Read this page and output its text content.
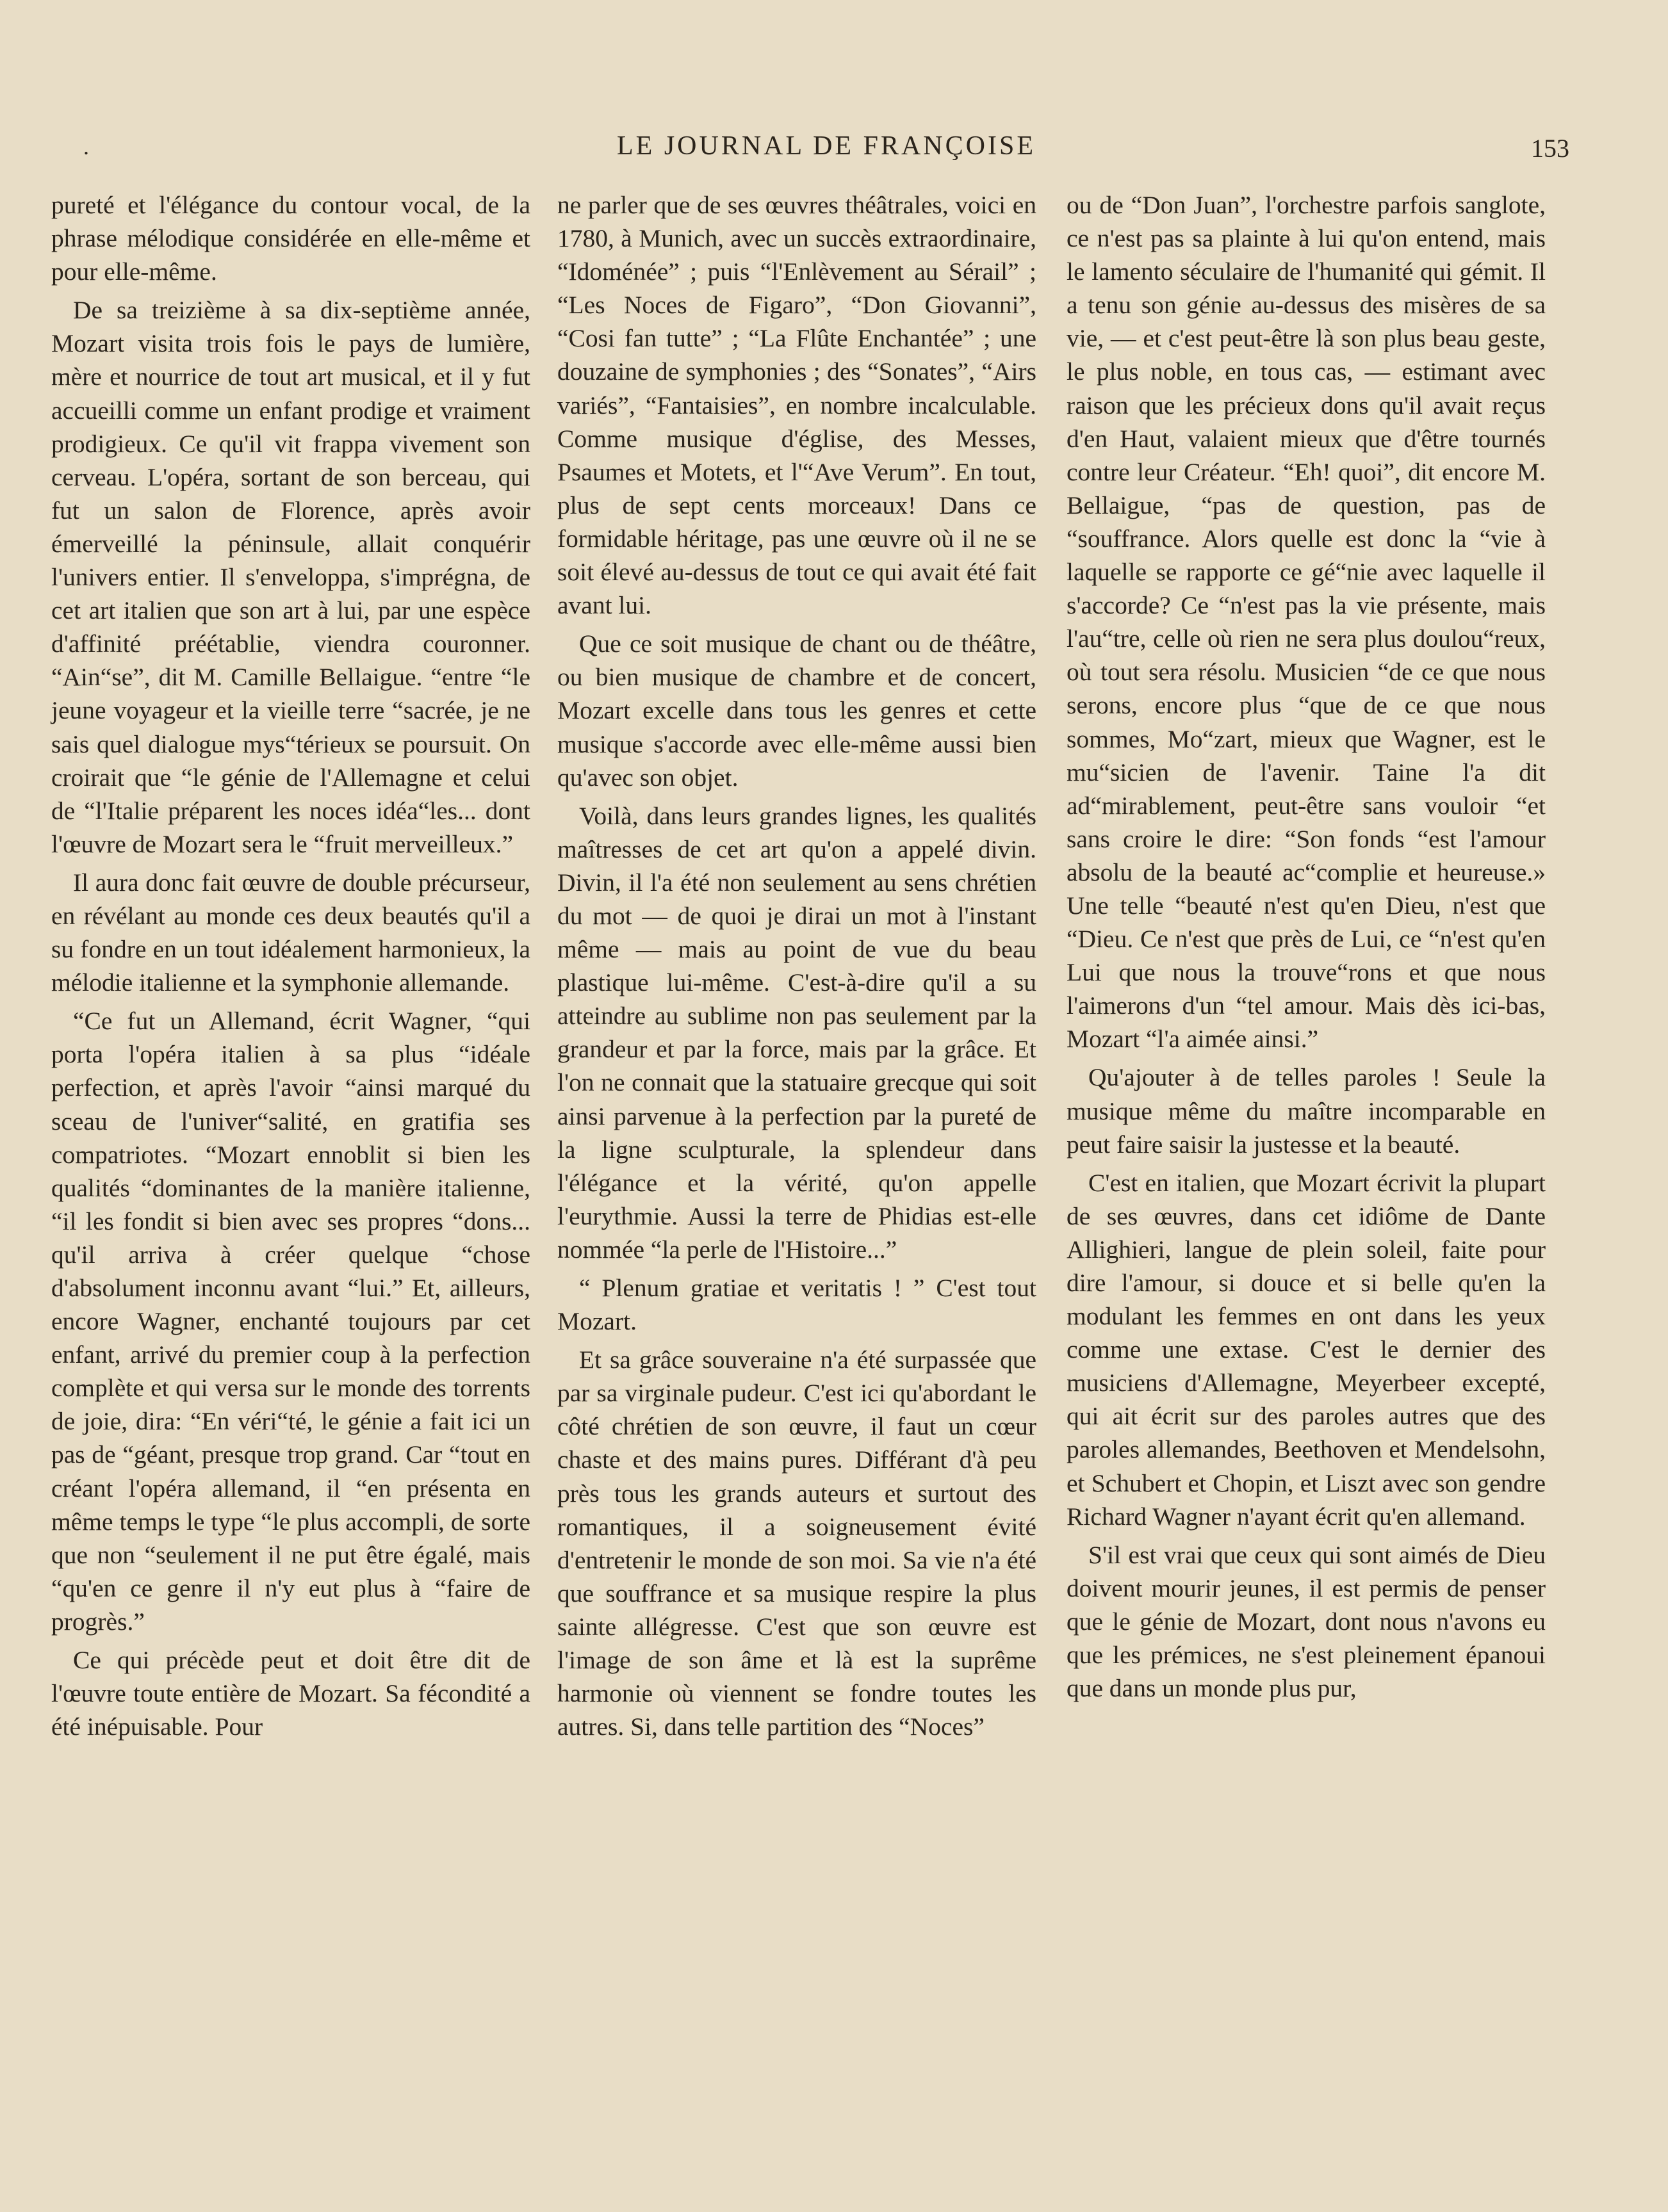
.	LE JOURNAL DE FRANÇOISE	153

pureté et l'élégance du contour vocal, de la phrase mélodique considérée en elle-même et pour elle-même.

De sa treizième à sa dix-septième année, Mozart visita trois fois le pays de lumière, mère et nourrice de tout art musical, et il y fut accueilli comme un enfant prodige et vraiment prodigieux. Ce qu'il vit frappa vivement son cerveau. L'opéra, sortant de son berceau, qui fut un salon de Florence, après avoir émerveillé la péninsule, allait conquérir l'univers entier. Il s'enveloppa, s'imprégna, de cet art italien que son art à lui, par une espèce d'affinité préétablie, viendra couronner. “Ain“se”, dit M. Camille Bellaigue. “entre “le jeune voyageur et la vieille terre “sacrée, je ne sais quel dialogue mys“térieux se poursuit. On croirait que “le génie de l'Allemagne et celui de “l'Italie préparent les noces idéa“les... dont l'œuvre de Mozart sera le “fruit merveilleux.”

Il aura donc fait œuvre de double précurseur, en révélant au monde ces deux beautés qu'il a su fondre en un tout idéalement harmonieux, la mélodie italienne et la symphonie allemande.

“Ce fut un Allemand, écrit Wagner, “qui porta l'opéra italien à sa plus “idéale perfection, et après l'avoir “ainsi marqué du sceau de l'univer“salité, en gratifia ses compatriotes. “Mozart ennoblit si bien les qualités “dominantes de la manière italienne, “il les fondit si bien avec ses propres “dons... qu'il arriva à créer quelque “chose d'absolument inconnu avant “lui.” Et, ailleurs, encore Wagner, enchanté toujours par cet enfant, arrivé du premier coup à la perfection complète et qui versa sur le monde des torrents de joie, dira: “En véri“té, le génie a fait ici un pas de “géant, presque trop grand. Car “tout en créant l'opéra allemand, il “en présenta en même temps le type “le plus accompli, de sorte que non “seulement il ne put être égalé, mais “qu'en ce genre il n'y eut plus à “faire de progrès.”

Ce qui précède peut et doit être dit de l'œuvre toute entière de Mozart. Sa fécondité a été inépuisable. Pour

ne parler que de ses œuvres théâtrales, voici en 1780, à Munich, avec un succès extraordinaire, “Idoménée” ; puis “l'Enlèvement au Sérail” ; “Les Noces de Figaro”, “Don Giovanni”, “Cosi fan tutte” ; “La Flûte Enchantée” ; une douzaine de symphonies ; des “Sonates”, “Airs variés”, “Fantaisies”, en nombre incalculable. Comme musique d'église, des Messes, Psaumes et Motets, et l'“Ave Verum”. En tout, plus de sept cents morceaux! Dans ce formidable héritage, pas une œuvre où il ne se soit élevé au-dessus de tout ce qui avait été fait avant lui.

Que ce soit musique de chant ou de théâtre, ou bien musique de chambre et de concert, Mozart excelle dans tous les genres et cette musique s'accorde avec elle-même aussi bien qu'avec son objet.

Voilà, dans leurs grandes lignes, les qualités maîtresses de cet art qu'on a appelé divin. Divin, il l'a été non seulement au sens chrétien du mot — de quoi je dirai un mot à l'instant même — mais au point de vue du beau plastique lui-même. C'est-à-dire qu'il a su atteindre au sublime non pas seulement par la grandeur et par la force, mais par la grâce. Et l'on ne connait que la statuaire grecque qui soit ainsi parvenue à la perfection par la pureté de la ligne sculpturale, la splendeur dans l'élégance et la vérité, qu'on appelle l'eurythmie. Aussi la terre de Phidias est-elle nommée “la perle de l'Histoire...”

“ Plenum gratiae et veritatis ! ” C'est tout Mozart.

Et sa grâce souveraine n'a été surpassée que par sa virginale pudeur. C'est ici qu'abordant le côté chrétien de son œuvre, il faut un cœur chaste et des mains pures. Différant d'à peu près tous les grands auteurs et surtout des romantiques, il a soigneusement évité d'entretenir le monde de son moi. Sa vie n'a été que souffrance et sa musique respire la plus sainte allégresse. C'est que son œuvre est l'image de son âme et là est la suprême harmonie où viennent se fondre toutes les autres. Si, dans telle partition des “Noces”

ou de “Don Juan”, l'orchestre parfois sanglote, ce n'est pas sa plainte à lui qu'on entend, mais le lamento séculaire de l'humanité qui gémit. Il a tenu son génie au-dessus des misères de sa vie, — et c'est peut-être là son plus beau geste, le plus noble, en tous cas, — estimant avec raison que les précieux dons qu'il avait reçus d'en Haut, valaient mieux que d'être tournés contre leur Créateur. “Eh! quoi”, dit encore M. Bellaigue, “pas de question, pas de “souffrance. Alors quelle est donc la “vie à laquelle se rapporte ce gé“nie avec laquelle il s'accorde? Ce “n'est pas la vie présente, mais l'au“tre, celle où rien ne sera plus doulou“reux, où tout sera résolu. Musicien “de ce que nous serons, encore plus “que de ce que nous sommes, Mo“zart, mieux que Wagner, est le mu“sicien de l'avenir. Taine l'a dit ad“mirablement, peut-être sans vouloir “et sans croire le dire: “Son fonds “est l'amour absolu de la beauté ac“complie et heureuse.» Une telle “beauté n'est qu'en Dieu, n'est que “Dieu. Ce n'est que près de Lui, ce “n'est qu'en Lui que nous la trouve“rons et que nous l'aimerons d'un “tel amour. Mais dès ici-bas, Mozart “l'a aimée ainsi.”

Qu'ajouter à de telles paroles ! Seule la musique même du maître incomparable en peut faire saisir la justesse et la beauté.

C'est en italien, que Mozart écrivit la plupart de ses œuvres, dans cet idiôme de Dante Allighieri, langue de plein soleil, faite pour dire l'amour, si douce et si belle qu'en la modulant les femmes en ont dans les yeux comme une extase. C'est le dernier des musiciens d'Allemagne, Meyerbeer excepté, qui ait écrit sur des paroles autres que des paroles allemandes, Beethoven et Mendelsohn, et Schubert et Chopin, et Liszt avec son gendre Richard Wagner n'ayant écrit qu'en allemand.

S'il est vrai que ceux qui sont aimés de Dieu doivent mourir jeunes, il est permis de penser que le génie de Mozart, dont nous n'avons eu que les prémices, ne s'est pleinement épanoui que dans un monde plus pur,
